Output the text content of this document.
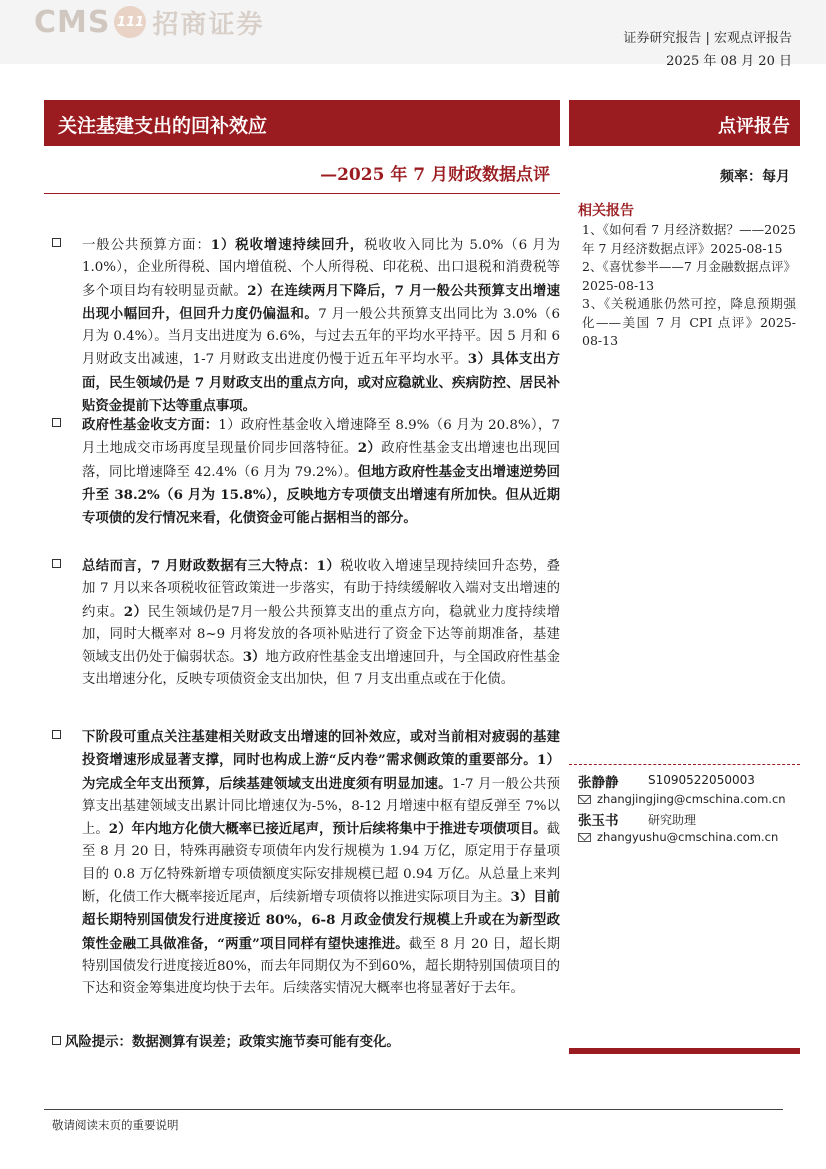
CMS 111 招商证券	证券研究报告 | 宏观点评报告
2025 年 08 月 20 日
关注基建支出的回补效应	点评报告
—2025 年 7 月财政数据点评	频率：每月
相关报告
1、《如何看 7 月经济数据？——2025 年 7 月经济数据点评》2025-08-15
2、《喜忧参半——7 月金融数据点评》2025-08-13
3、《关税通胀仍然可控，降息预期强化——美国 7 月 CPI 点评》2025-08-13
一般公共预算方面：1）税收增速持续回升，税收收入同比为 5.0%（6 月为 1.0%），企业所得税、国内增值税、个人所得税、印花税、出口退税和消费税等多个项目均有较明显贡献。2）在连续两月下降后，7 月一般公共预算支出增速出现小幅回升，但回升力度仍偏温和。7 月一般公共预算支出同比为 3.0%（6 月为 0.4%）。当月支出进度为 6.6%，与过去五年的平均水平持平。因 5 月和 6 月财政支出减速，1-7 月财政支出进度仍慢于近五年平均水平。3）具体支出方面，民生领域仍是 7 月财政支出的重点方向，或对应稳就业、疾病防控、居民补贴资金提前下达等重点事项。
政府性基金收支方面：1）政府性基金收入增速降至 8.9%（6 月为 20.8%），7 月土地成交市场再度呈现量价同步回落特征。2）政府性基金支出增速也出现回落，同比增速降至 42.4%（6 月为 79.2%）。但地方政府性基金支出增速逆势回升至 38.2%（6 月为 15.8%），反映地方专项债支出增速有所加快。但从近期专项债的发行情况来看，化债资金可能占据相当的部分。
总结而言，7 月财政数据有三大特点：1）税收收入增速呈现持续回升态势，叠加 7 月以来各项税收征管政策进一步落实，有助于持续缓解收入端对支出增速的约束。2）民生领域仍是7月一般公共预算支出的重点方向，稳就业力度持续增加，同时大概率对 8~9 月将发放的各项补贴进行了资金下达等前期准备，基建领域支出仍处于偏弱状态。3）地方政府性基金支出增速回升，与全国政府性基金支出增速分化，反映专项债资金支出加快，但 7 月支出重点或在于化债。
下阶段可重点关注基建相关财政支出增速的回补效应，或对当前相对疲弱的基建投资增速形成显著支撑，同时也构成上游“反内卷”需求侧政策的重要部分。1）为完成全年支出预算，后续基建领域支出进度须有明显加速。1-7 月一般公共预算支出基建领域支出累计同比增速仅为-5%，8-12 月增速中枢有望反弹至 7%以上。2）年内地方化债大概率已接近尾声，预计后续将集中于推进专项债项目。截至 8 月 20 日，特殊再融资专项债年内发行规模为 1.94 万亿，原定用于存量项目的 0.8 万亿特殊新增专项债额度实际安排规模已超 0.94 万亿。从总量上来判断，化债工作大概率接近尾声，后续新增专项债将以推进实际项目为主。3）目前超长期特别国债发行进度接近 80%，6-8 月政金债发行规模上升或在为新型政策性金融工具做准备，“两重”项目同样有望快速推进。截至 8 月 20 日，超长期特别国债发行进度接近80%，而去年同期仅为不到60%，超长期特别国债项目的下达和资金筹集进度均快于去年。后续落实情况大概率也将显著好于去年。
风险提示：数据测算有误差；政策实施节奏可能有变化。
张静静 S1090522050003
zhangjingjing@cmschina.com.cn
张玉书 研究助理
zhangyushu@cmschina.com.cn
敬请阅读末页的重要说明
